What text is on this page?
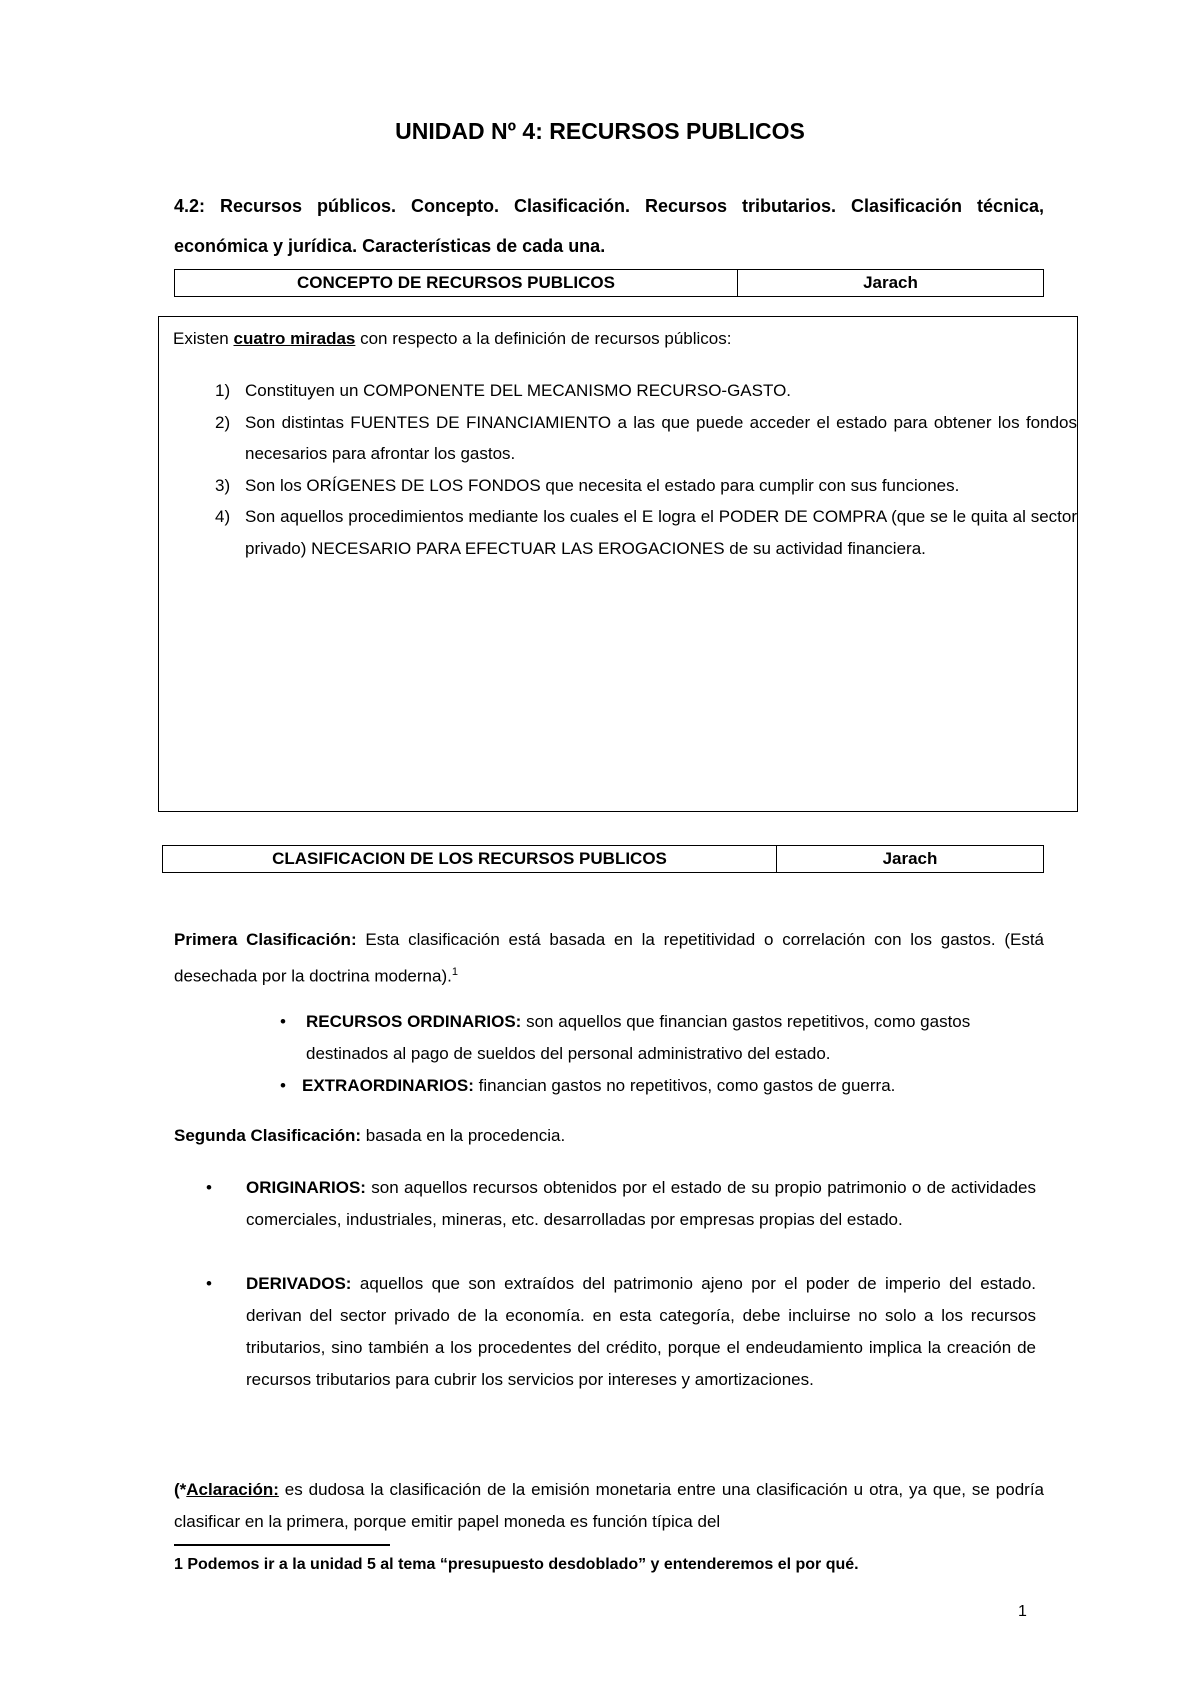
UNIDAD Nº 4: RECURSOS PUBLICOS
4.2: Recursos públicos. Concepto. Clasificación. Recursos tributarios. Clasificación técnica, económica y jurídica. Características de cada una.
CONCEPTO DE RECURSOS PUBLICOS	Jarach
Existen cuatro miradas con respecto a la definición de recursos públicos:
1) Constituyen un COMPONENTE DEL MECANISMO RECURSO-GASTO.
2) Son distintas FUENTES DE FINANCIAMIENTO a las que puede acceder el estado para obtener los fondos necesarios para afrontar los gastos.
3) Son los ORÍGENES DE LOS FONDOS que necesita el estado para cumplir con sus funciones.
4) Son aquellos procedimientos mediante los cuales el E logra el PODER DE COMPRA (que se le quita al sector privado) NECESARIO PARA EFECTUAR LAS EROGACIONES de su actividad financiera.
CLASIFICACION DE LOS RECURSOS PUBLICOS	Jarach
Primera Clasificación: Esta clasificación está basada en la repetitividad o correlación con los gastos. (Está desechada por la doctrina moderna).$^1$
• RECURSOS ORDINARIOS: son aquellos que financian gastos repetitivos, como gastos destinados al pago de sueldos del personal administrativo del estado.
• EXTRAORDINARIOS: financian gastos no repetitivos, como gastos de guerra.
Segunda Clasificación: basada en la procedencia.
• ORIGINARIOS: son aquellos recursos obtenidos por el estado de su propio patrimonio o de actividades comerciales, industriales, mineras, etc. desarrolladas por empresas propias del estado.
• DERIVADOS: aquellos que son extraídos del patrimonio ajeno por el poder de imperio del estado. derivan del sector privado de la economía. en esta categoría, debe incluirse no solo a los recursos tributarios, sino también a los procedentes del crédito, porque el endeudamiento implica la creación de recursos tributarios para cubrir los servicios por intereses y amortizaciones.
(*Aclaración: es dudosa la clasificación de la emisión monetaria entre una clasificación u otra, ya que, se podría clasificar en la primera, porque emitir papel moneda es función típica del
1 Podemos ir a la unidad 5 al tema “presupuesto desdoblado” y entenderemos el por qué.
1
